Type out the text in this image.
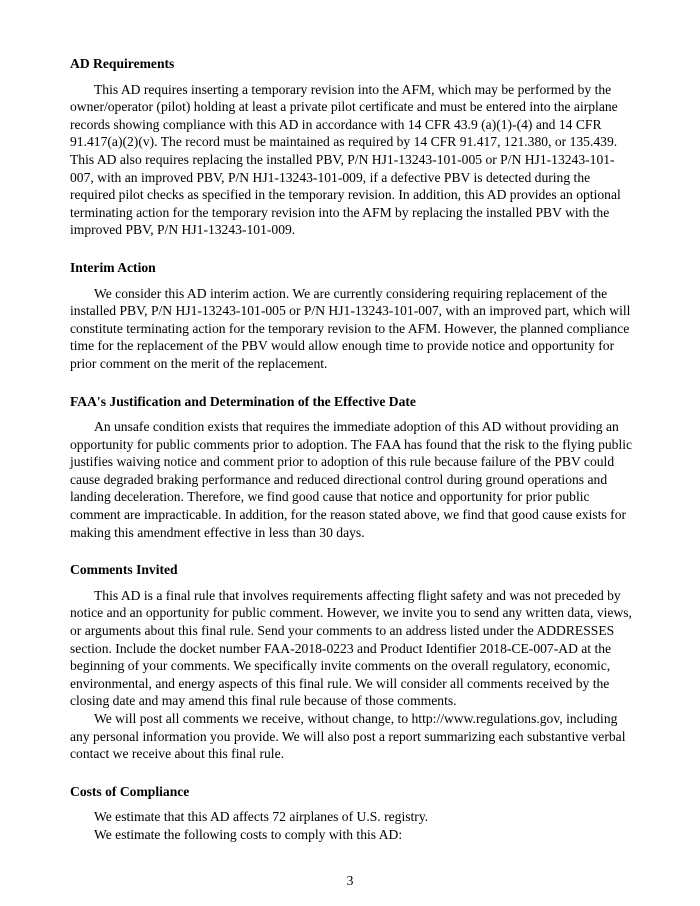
AD Requirements

This AD requires inserting a temporary revision into the AFM, which may be performed by the owner/operator (pilot) holding at least a private pilot certificate and must be entered into the airplane records showing compliance with this AD in accordance with 14 CFR 43.9 (a)(1)-(4) and 14 CFR 91.417(a)(2)(v). The record must be maintained as required by 14 CFR 91.417, 121.380, or 135.439. This AD also requires replacing the installed PBV, P/N HJ1-13243-101-005 or P/N HJ1-13243-101-007, with an improved PBV, P/N HJ1-13243-101-009, if a defective PBV is detected during the required pilot checks as specified in the temporary revision. In addition, this AD provides an optional terminating action for the temporary revision into the AFM by replacing the installed PBV with the improved PBV, P/N HJ1-13243-101-009.

Interim Action

We consider this AD interim action. We are currently considering requiring replacement of the installed PBV, P/N HJ1-13243-101-005 or P/N HJ1-13243-101-007, with an improved part, which will constitute terminating action for the temporary revision to the AFM. However, the planned compliance time for the replacement of the PBV would allow enough time to provide notice and opportunity for prior comment on the merit of the replacement.

FAA's Justification and Determination of the Effective Date

An unsafe condition exists that requires the immediate adoption of this AD without providing an opportunity for public comments prior to adoption. The FAA has found that the risk to the flying public justifies waiving notice and comment prior to adoption of this rule because failure of the PBV could cause degraded braking performance and reduced directional control during ground operations and landing deceleration. Therefore, we find good cause that notice and opportunity for prior public comment are impracticable. In addition, for the reason stated above, we find that good cause exists for making this amendment effective in less than 30 days.

Comments Invited

This AD is a final rule that involves requirements affecting flight safety and was not preceded by notice and an opportunity for public comment. However, we invite you to send any written data, views, or arguments about this final rule. Send your comments to an address listed under the ADDRESSES section. Include the docket number FAA-2018-0223 and Product Identifier 2018-CE-007-AD at the beginning of your comments. We specifically invite comments on the overall regulatory, economic, environmental, and energy aspects of this final rule. We will consider all comments received by the closing date and may amend this final rule because of those comments.

We will post all comments we receive, without change, to http://www.regulations.gov, including any personal information you provide. We will also post a report summarizing each substantive verbal contact we receive about this final rule.

Costs of Compliance

We estimate that this AD affects 72 airplanes of U.S. registry.

We estimate the following costs to comply with this AD:

3
